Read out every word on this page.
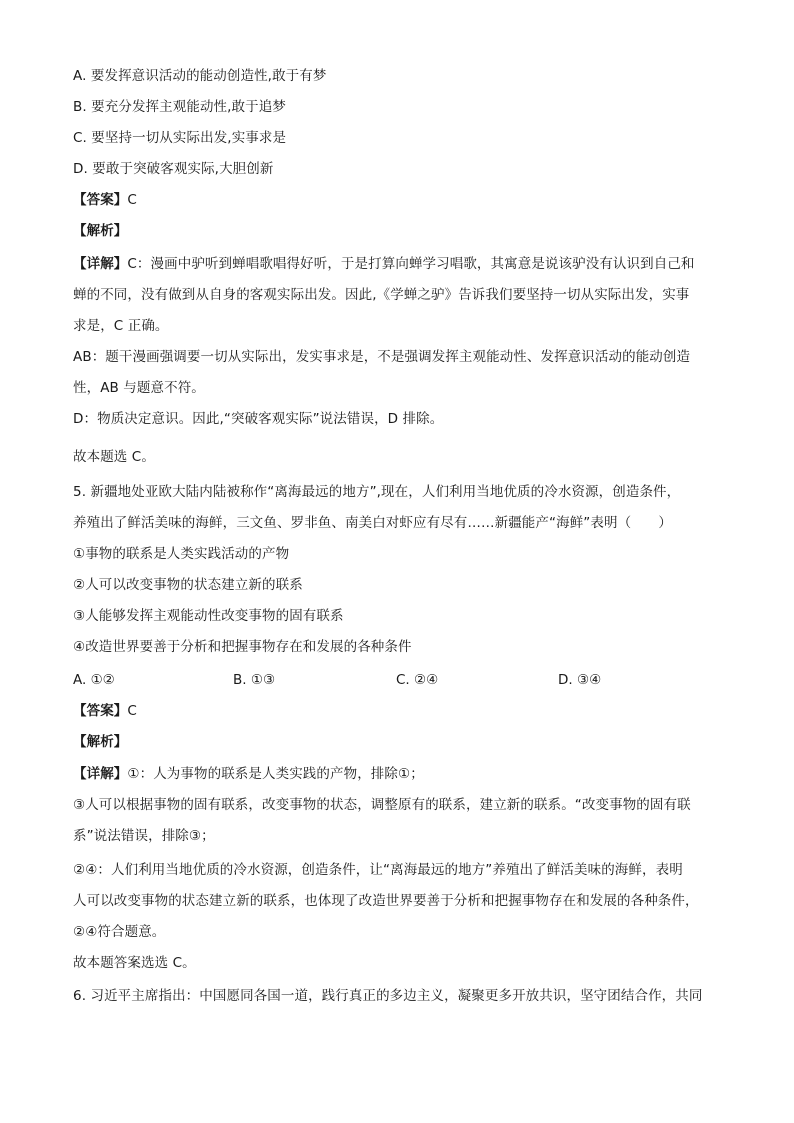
A. 要发挥意识活动的能动创造性,敢于有梦
B. 要充分发挥主观能动性,敢于追梦
C. 要坚持一切从实际出发,实事求是
D. 要敢于突破客观实际,大胆创新
【答案】C
【解析】
【详解】C：漫画中驴听到蝉唱歌唱得好听，于是打算向蝉学习唱歌，其寓意是说该驴没有认识到自己和
蝉的不同，没有做到从自身的客观实际出发。因此,《学蝉之驴》告诉我们要坚持一切从实际出发，实事
求是，C 正确。
AB：题干漫画强调要一切从实际出，发实事求是，不是强调发挥主观能动性、发挥意识活动的能动创造
性，AB 与题意不符。
D：物质决定意识。因此,“突破客观实际”说法错误，D 排除。
故本题选 C。
5. 新疆地处亚欧大陆内陆被称作“离海最远的地方”,现在，人们利用当地优质的冷水资源，创造条件，
养殖出了鲜活美味的海鲜，三文鱼、罗非鱼、南美白对虾应有尽有……新疆能产“海鲜”表明（　　）
①事物的联系是人类实践活动的产物
②人可以改变事物的状态建立新的联系
③人能够发挥主观能动性改变事物的固有联系
④改造世界要善于分析和把握事物存在和发展的各种条件
A. ①②	B. ①③	C. ②④	D. ③④
【答案】C
【解析】
【详解】①：人为事物的联系是人类实践的产物，排除①；
③人可以根据事物的固有联系，改变事物的状态，调整原有的联系，建立新的联系。“改变事物的固有联
系”说法错误，排除③；
②④：人们利用当地优质的冷水资源，创造条件，让“离海最远的地方”养殖出了鲜活美味的海鲜，表明
人可以改变事物的状态建立新的联系，也体现了改造世界要善于分析和把握事物存在和发展的各种条件，
②④符合题意。
故本题答案选选 C。
6. 习近平主席指出：中国愿同各国一道，践行真正的多边主义，凝聚更多开放共识，坚守团结合作，共同
